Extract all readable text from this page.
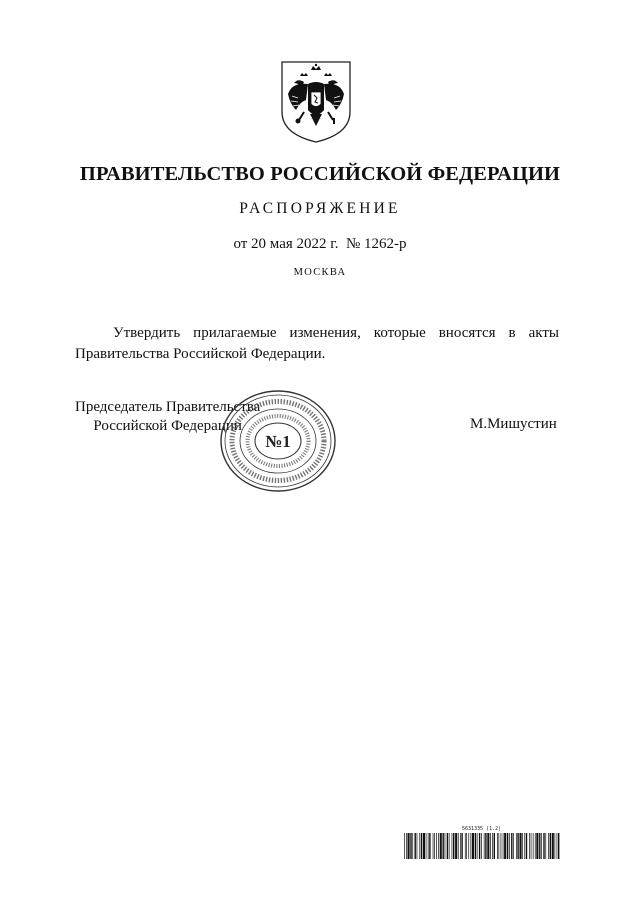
ПРАВИТЕЛЬСТВО РОССИЙСКОЙ ФЕДЕРАЦИИ
РАСПОРЯЖЕНИЕ
от 20 мая 2022 г. № 1262-р
МОСКВА
Утвердить прилагаемые изменения, которые вносятся в акты
Правительства Российской Федерации.
Председатель Правительства
Российской Федерации
№1
М.Мишустин
5631335 (1.2)
